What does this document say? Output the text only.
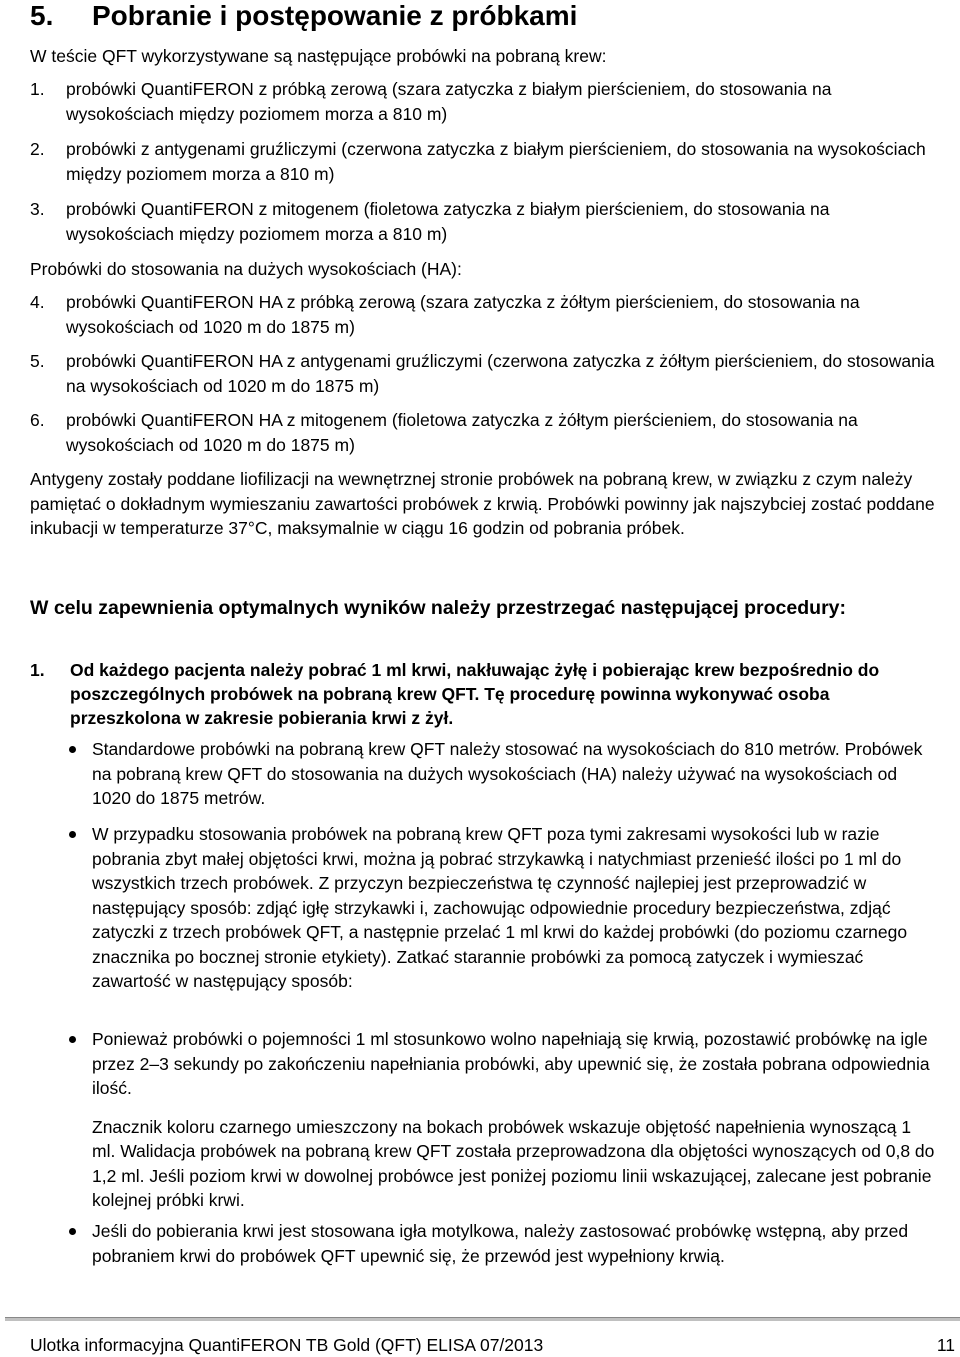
5. Pobranie i postępowanie z próbkami

W teście QFT wykorzystywane są następujące probówki na pobraną krew:

1. probówki QuantiFERON z próbką zerową (szara zatyczka z białym pierścieniem, do stosowania na wysokościach między poziomem morza a 810 m)
2. probówki z antygenami gruźliczymi (czerwona zatyczka z białym pierścieniem, do stosowania na wysokościach między poziomem morza a 810 m)
3. probówki QuantiFERON z mitogenem (fioletowa zatyczka z białym pierścieniem, do stosowania na wysokościach między poziomem morza a 810 m)

Probówki do stosowania na dużych wysokościach (HA):

4. probówki QuantiFERON HA z próbką zerową (szara zatyczka z żółtym pierścieniem, do stosowania na wysokościach od 1020 m do 1875 m)
5. probówki QuantiFERON HA z antygenami gruźliczymi (czerwona zatyczka z żółtym pierścieniem, do stosowania na wysokościach od 1020 m do 1875 m)
6. probówki QuantiFERON HA z mitogenem (fioletowa zatyczka z żółtym pierścieniem, do stosowania na wysokościach od 1020 m do 1875 m)

Antygeny zostały poddane liofilizacji na wewnętrznej stronie probówek na pobraną krew, w związku z czym należy pamiętać o dokładnym wymieszaniu zawartości probówek z krwią. Probówki powinny jak najszybciej zostać poddane inkubacji w temperaturze 37°C, maksymalnie w ciągu 16 godzin od pobrania próbek.

W celu zapewnienia optymalnych wyników należy przestrzegać następującej procedury:

1. Od każdego pacjenta należy pobrać 1 ml krwi, nakłuwając żyłę i pobierając krew bezpośrednio do poszczególnych probówek na pobraną krew QFT. Tę procedurę powinna wykonywać osoba przeszkolona w zakresie pobierania krwi z żył.

Standardowe probówki na pobraną krew QFT należy stosować na wysokościach do 810 metrów. Probówek na pobraną krew QFT do stosowania na dużych wysokościach (HA) należy używać na wysokościach od 1020 do 1875 metrów.
W przypadku stosowania probówek na pobraną krew QFT poza tymi zakresami wysokości lub w razie pobrania zbyt małej objętości krwi, można ją pobrać strzykawką i natychmiast przenieść ilości po 1 ml do wszystkich trzech probówek. Z przyczyn bezpieczeństwa tę czynność najlepiej jest przeprowadzić w następujący sposób: zdjąć igłę strzykawki i, zachowując odpowiednie procedury bezpieczeństwa, zdjąć zatyczki z trzech probówek QFT, a następnie przelać 1 ml krwi do każdej probówki (do poziomu czarnego znacznika po bocznej stronie etykiety). Zatkać starannie probówki za pomocą zatyczek i wymieszać zawartość w następujący sposób:
Ponieważ probówki o pojemności 1 ml stosunkowo wolno napełniają się krwią, pozostawić probówkę na igle przez 2–3 sekundy po zakończeniu napełniania probówki, aby upewnić się, że została pobrana odpowiednia ilość.
Znacznik koloru czarnego umieszczony na bokach probówek wskazuje objętość napełnienia wynoszącą 1 ml. Walidacja probówek na pobraną krew QFT została przeprowadzona dla objętości wynoszących od 0,8 do 1,2 ml. Jeśli poziom krwi w dowolnej probówce jest poniżej poziomu linii wskazującej, zalecane jest pobranie kolejnej próbki krwi.
Jeśli do pobierania krwi jest stosowana igła motylkowa, należy zastosować probówkę wstępną, aby przed pobraniem krwi do probówek QFT upewnić się, że przewód jest wypełniony krwią.

Ulotka informacyjna QuantiFERON TB Gold (QFT) ELISA 07/2013	11
